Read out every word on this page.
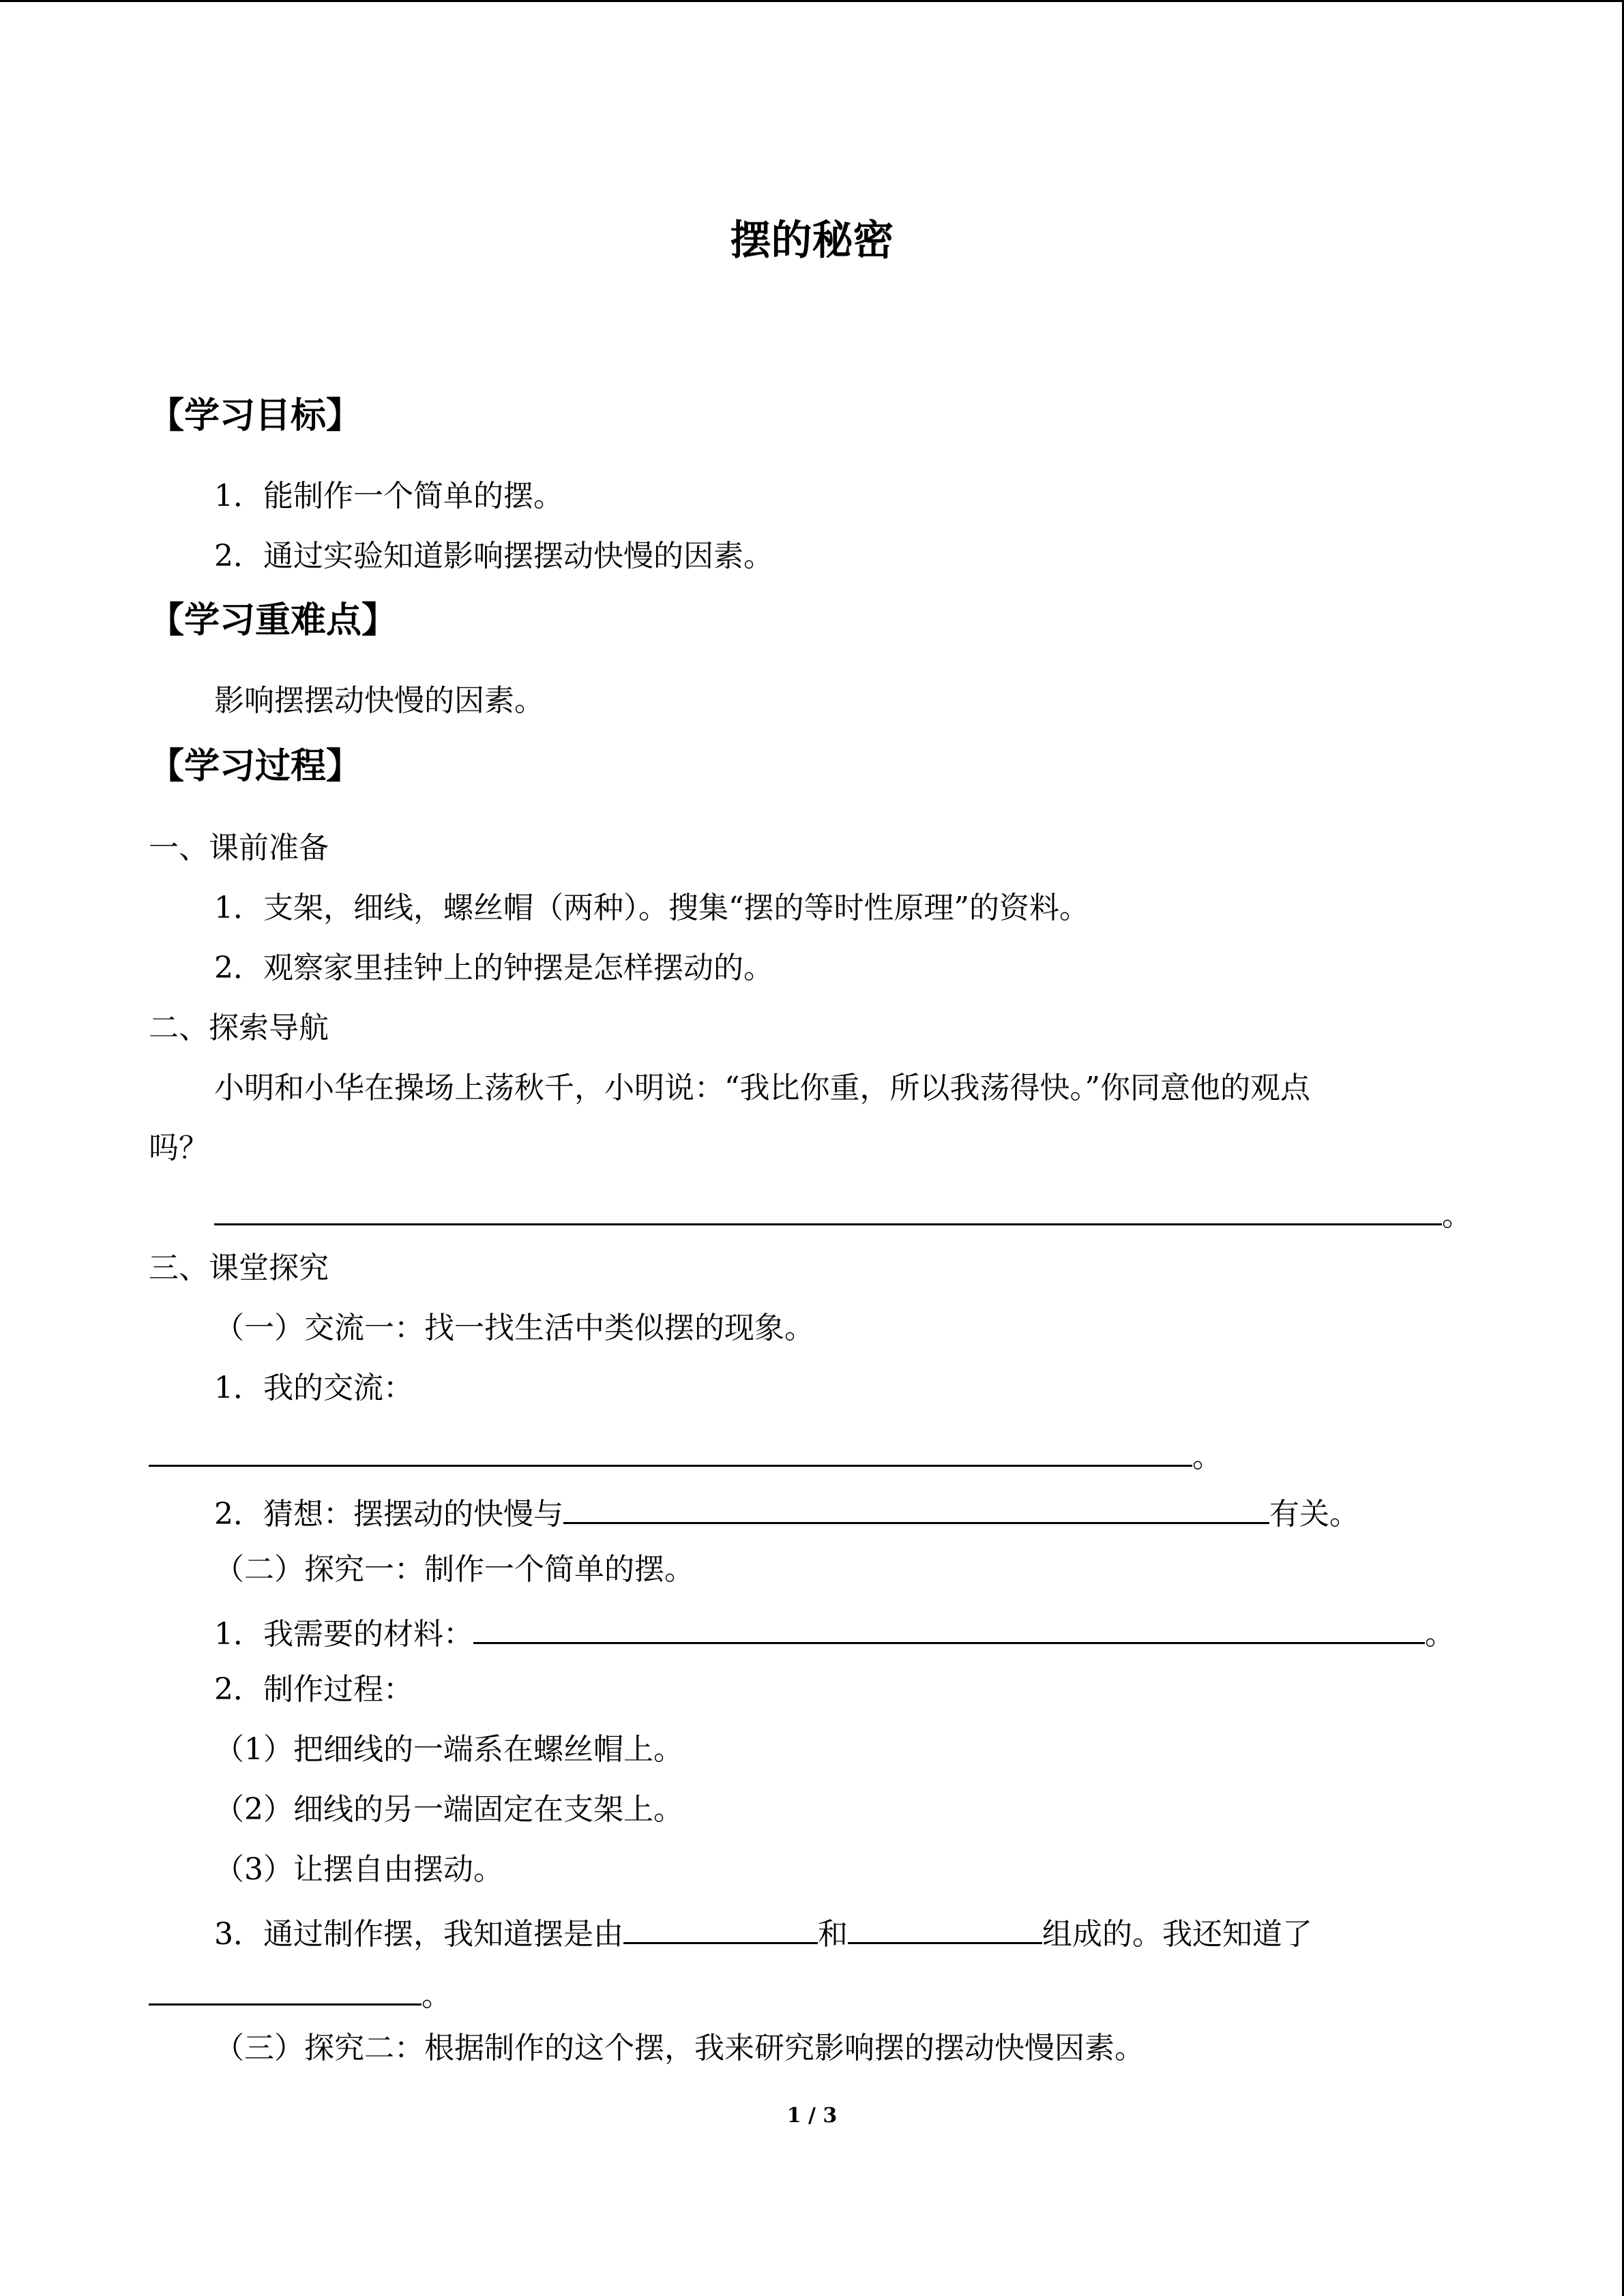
摆的秘密
【学习目标】
1．能制作一个简单的摆。
2．通过实验知道影响摆摆动快慢的因素。
【学习重难点】
影响摆摆动快慢的因素。
【学习过程】
一、课前准备
1．支架，细线，螺丝帽（两种）。搜集“摆的等时性原理”的资料。
2．观察家里挂钟上的钟摆是怎样摆动的。
二、探索导航
小明和小华在操场上荡秋千，小明说：“我比你重，所以我荡得快。”你同意他的观点
吗？
。
三、课堂探究
（一）交流一：找一找生活中类似摆的现象。
1．我的交流：
。
2．猜想：摆摆动的快慢与	有关。
（二）探究一：制作一个简单的摆。
1．我需要的材料：	。
2．制作过程：
（1）把细线的一端系在螺丝帽上。
（2）细线的另一端固定在支架上。
（3）让摆自由摆动。
3．通过制作摆，我知道摆是由	和	组成的。我还知道了
。
（三）探究二：根据制作的这个摆，我来研究影响摆的摆动快慢因素。
1 / 3
